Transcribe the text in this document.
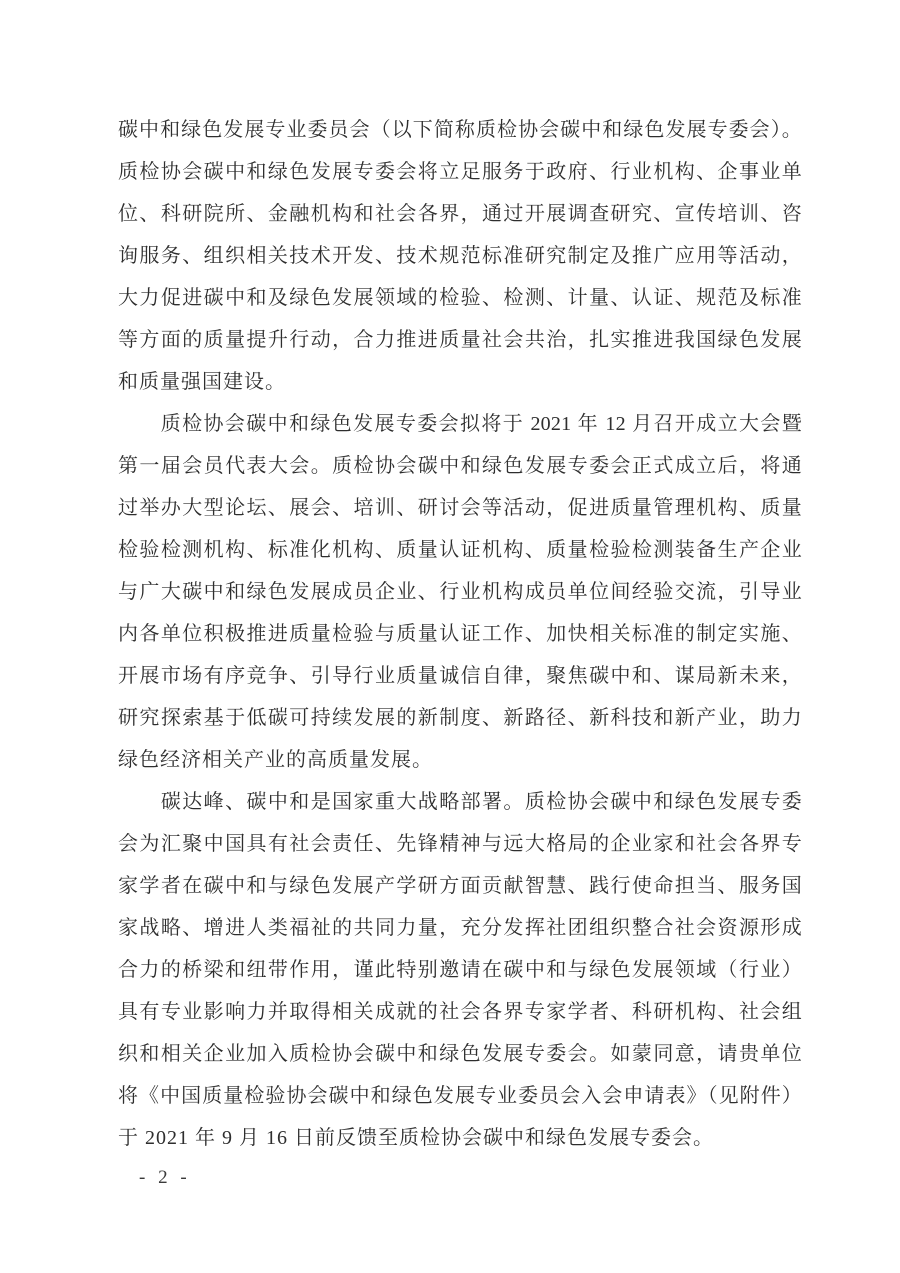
碳中和绿色发展专业委员会（以下简称质检协会碳中和绿色发展专委会）。
质检协会碳中和绿色发展专委会将立足服务于政府、行业机构、企事业单
位、科研院所、金融机构和社会各界，通过开展调查研究、宣传培训、咨
询服务、组织相关技术开发、技术规范标准研究制定及推广应用等活动，
大力促进碳中和及绿色发展领域的检验、检测、计量、认证、规范及标准
等方面的质量提升行动，合力推进质量社会共治，扎实推进我国绿色发展
和质量强国建设。
　　质检协会碳中和绿色发展专委会拟将于 2021 年 12 月召开成立大会暨
第一届会员代表大会。质检协会碳中和绿色发展专委会正式成立后，将通
过举办大型论坛、展会、培训、研讨会等活动，促进质量管理机构、质量
检验检测机构、标准化机构、质量认证机构、质量检验检测装备生产企业
与广大碳中和绿色发展成员企业、行业机构成员单位间经验交流，引导业
内各单位积极推进质量检验与质量认证工作、加快相关标准的制定实施、
开展市场有序竞争、引导行业质量诚信自律，聚焦碳中和、谋局新未来，
研究探索基于低碳可持续发展的新制度、新路径、新科技和新产业，助力
绿色经济相关产业的高质量发展。
　　碳达峰、碳中和是国家重大战略部署。质检协会碳中和绿色发展专委
会为汇聚中国具有社会责任、先锋精神与远大格局的企业家和社会各界专
家学者在碳中和与绿色发展产学研方面贡献智慧、践行使命担当、服务国
家战略、增进人类福祉的共同力量，充分发挥社团组织整合社会资源形成
合力的桥梁和纽带作用，谨此特别邀请在碳中和与绿色发展领域（行业）
具有专业影响力并取得相关成就的社会各界专家学者、科研机构、社会组
织和相关企业加入质检协会碳中和绿色发展专委会。如蒙同意，请贵单位
将《中国质量检验协会碳中和绿色发展专业委员会入会申请表》（见附件）
于 2021 年 9 月 16 日前反馈至质检协会碳中和绿色发展专委会。
- 2 -
